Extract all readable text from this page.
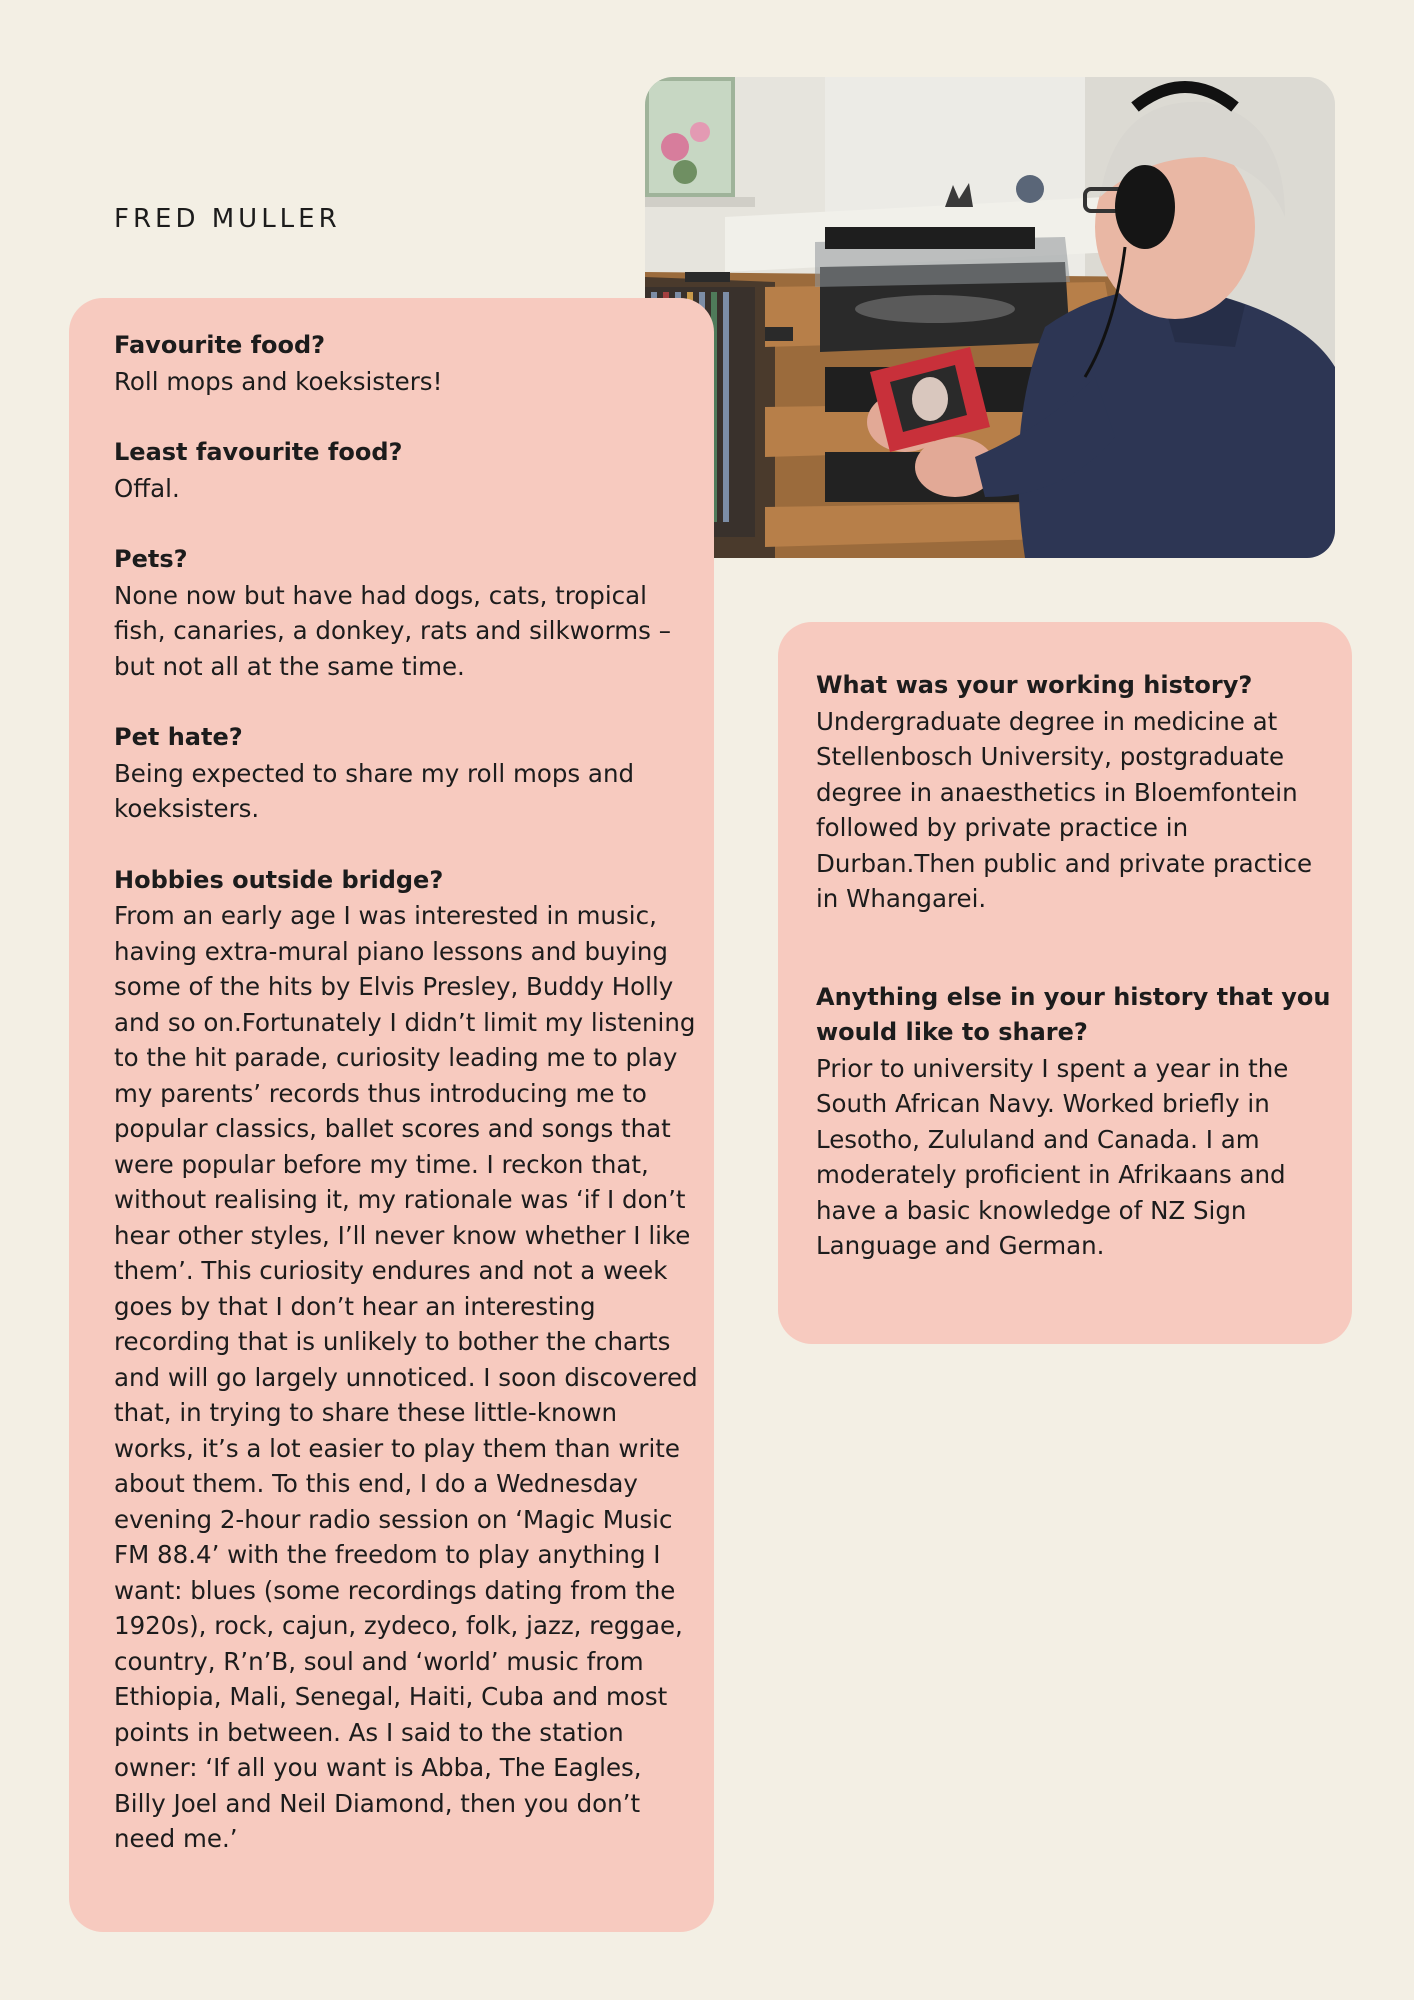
FRED MULLER

Favourite food?

Roll mops and koeksisters!

Least favourite food?

Offal.

Pets?

None now but have had dogs, cats, tropical fish, canaries, a donkey, rats and silkworms – but not all at the same time.

Pet hate?

Being expected to share my roll mops and koeksisters.

Hobbies outside bridge?

From an early age I was interested in music, having extra-mural piano lessons and buying some of the hits by Elvis Presley, Buddy Holly and so on.Fortunately I didn’t limit my listening to the hit parade, curiosity leading me to play my parents’ records thus introducing me to popular classics, ballet scores and songs that were popular before my time. I reckon that, without realising it, my rationale was ‘if I don’t hear other styles, I’ll never know whether I like them’. This curiosity endures and not a week goes by that I don’t hear an interesting recording that is unlikely to bother the charts and will go largely unnoticed. I soon discovered that, in trying to share these little-known works, it’s a lot easier to play them than write about them. To this end, I do a Wednesday evening 2-hour radio session on ‘Magic Music FM 88.4’ with the freedom to play anything I want: blues (some recordings dating from the 1920s), rock, cajun, zydeco, folk, jazz, reggae, country, R’n’B, soul and ‘world’ music from Ethiopia, Mali, Senegal, Haiti, Cuba and most points in between. As I said to the station owner: ‘If all you want is Abba, The Eagles, Billy Joel and Neil Diamond, then you don’t need me.’

What was your working history?

Undergraduate degree in medicine at Stellenbosch University, postgraduate degree in anaesthetics in Bloemfontein followed by private practice in Durban.Then public and private practice in Whangarei.

Anything else in your history that you would like to share?

Prior to university I spent a year in the South African Navy. Worked briefly in Lesotho, Zululand and Canada. I am moderately proficient in Afrikaans and have a basic knowledge of NZ Sign Language and German.
